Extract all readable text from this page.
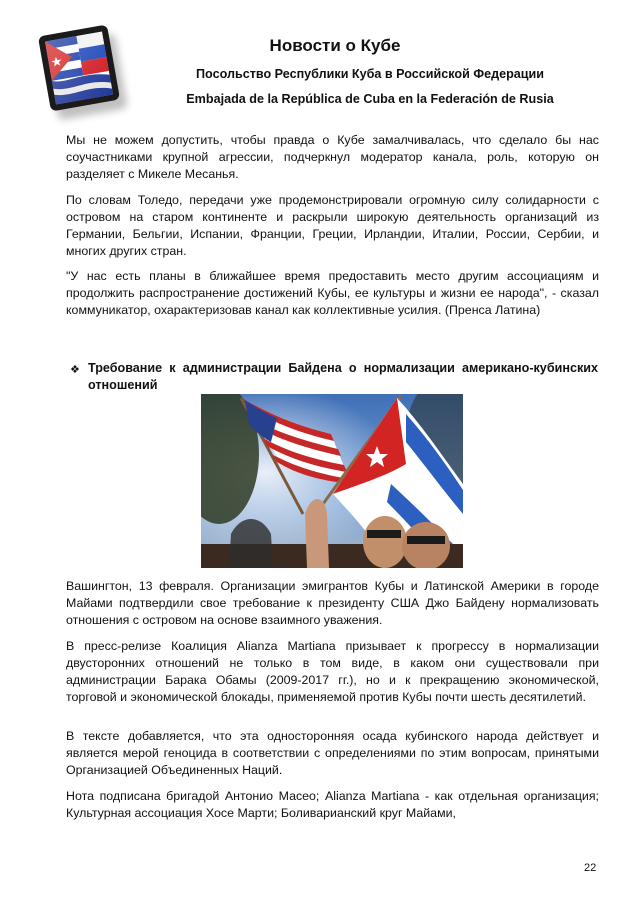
Новости о Кубе
Посольство Республики Куба в Российской Федерации
Embajada de la República de Cuba en la Federación de Rusia

Мы не можем допустить, чтобы правда о Кубе замалчивалась, что сделало бы нас соучастниками крупной агрессии, подчеркнул модератор канала, роль, которую он разделяет с Микеле Месанья.

По словам Толедо, передачи уже продемонстрировали огромную силу солидарности с островом на старом континенте и раскрыли широкую деятельность организаций из Германии, Бельгии, Испании, Франции, Греции, Ирландии, Италии, России, Сербии, и многих других стран.

"У нас есть планы в ближайшее время предоставить место другим ассоциациям и продолжить распространение достижений Кубы, ее культуры и жизни ее народа", - сказал коммуникатор, охарактеризовав канал как коллективные усилия. (Пренса Латина)

❖ Требование к администрации Байдена о нормализации американо-кубинских отношений

Вашингтон, 13 февраля. Организации эмигрантов Кубы и Латинской Америки в городе Майами подтвердили свое требование к президенту США Джо Байдену нормализовать отношения с островом на основе взаимного уважения.

В пресс-релизе Коалиция Alianza Martiana призывает к прогрессу в нормализации двусторонних отношений не только в том виде, в каком они существовали при администрации Барака Обамы (2009-2017 гг.), но и к прекращению экономической, торговой и экономической блокады, применяемой против Кубы почти шесть десятилетий.

В тексте добавляется, что эта односторонняя осада кубинского народа действует и является мерой геноцида в соответствии с определениями по этим вопросам, принятыми Организацией Объединенных Наций.

Нота подписана бригадой Антонио Масео; Alianza Martiana - как отдельная организация; Культурная ассоциация Хосе Марти; Боливарианский круг Майами,

22
